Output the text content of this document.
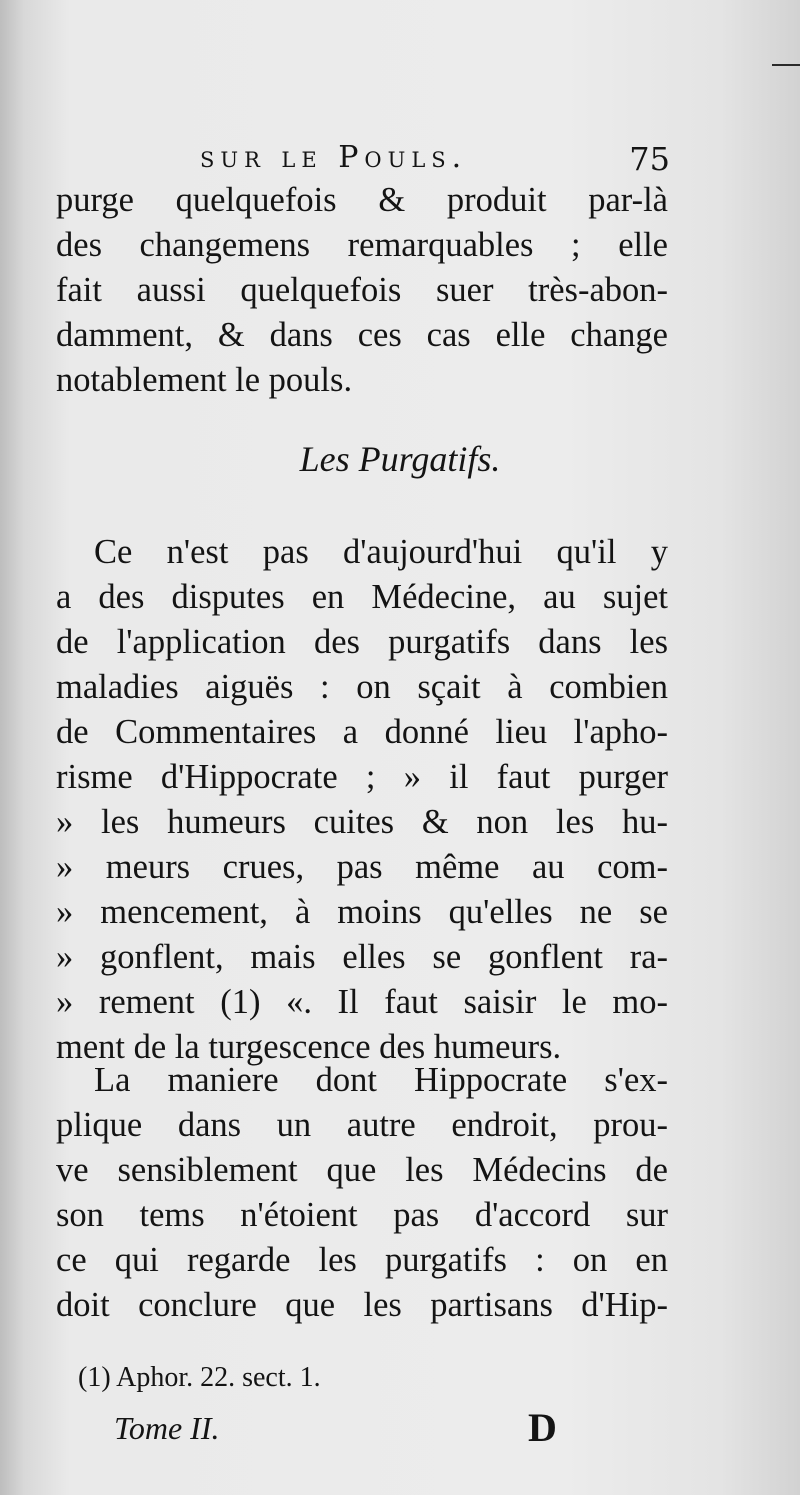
sur le Pouls.	75
purge quelquefois & produit par-là
des changemens remarquables ; elle
fait aussi quelquefois suer très-abon-
damment, & dans ces cas elle change
notablement le pouls.
Les Purgatifs.
Ce n'est pas d'aujourd'hui qu'il y
a des disputes en Médecine, au sujet
de l'application des purgatifs dans les
maladies aiguës : on sçait à combien
de Commentaires a donné lieu l'apho-
risme d'Hippocrate ; » il faut purger
» les humeurs cuites & non les hu-
» meurs crues, pas même au com-
» mencement, à moins qu'elles ne se
» gonflent, mais elles se gonflent ra-
» rement (1) «. Il faut saisir le mo-
ment de la turgescence des humeurs.
La maniere dont Hippocrate s'ex-
plique dans un autre endroit, prou-
ve sensiblement que les Médecins de
son tems n'étoient pas d'accord sur
ce qui regarde les purgatifs : on en
doit conclure que les partisans d'Hip-
(1) Aphor. 22. sect. 1.
Tome II.	D
